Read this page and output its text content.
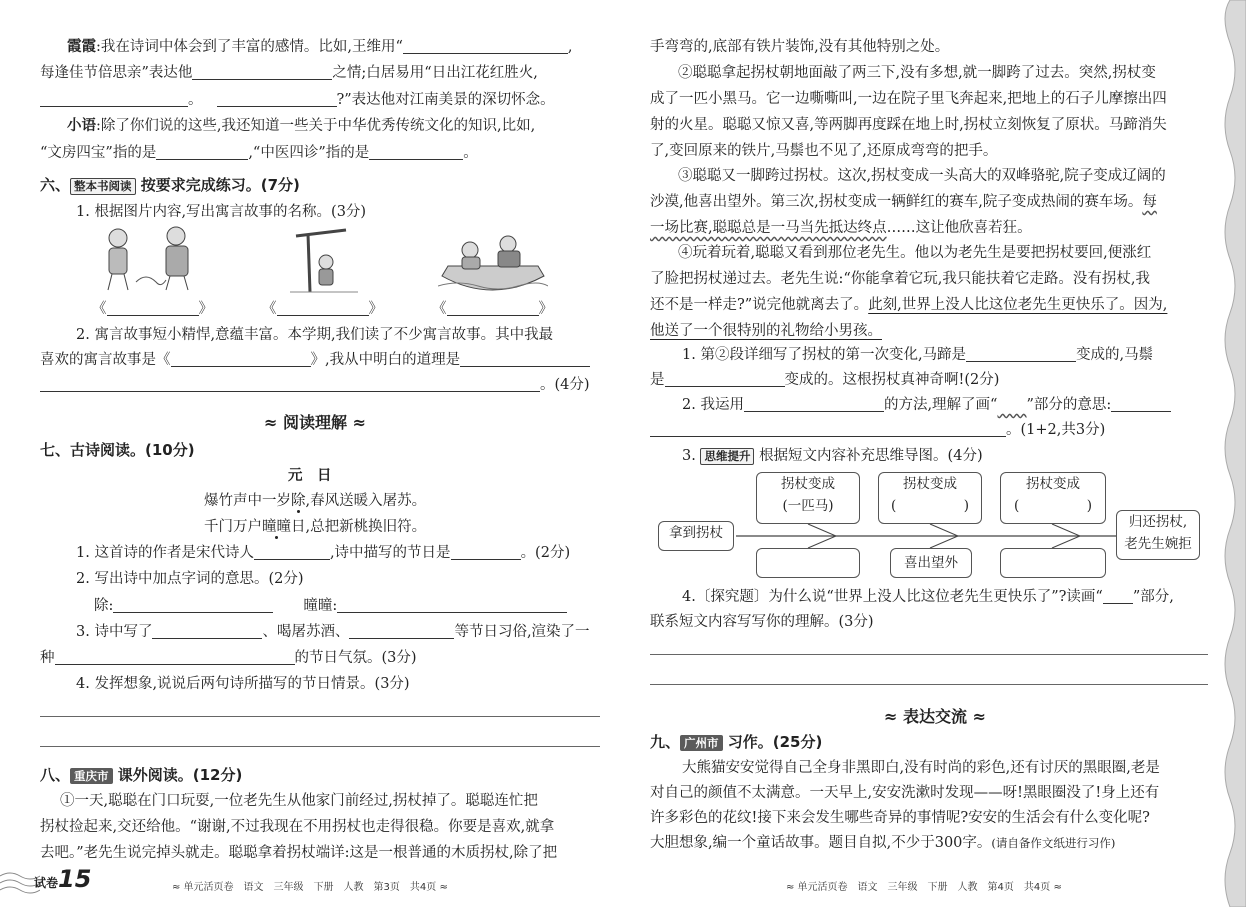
霞霞:我在诗词中体会到了丰富的感情。比如,王维用“	,
每逢佳节倍思亲”表达他	之情;白居易用“日出江花红胜火,
。	?”表达他对江南美景的深切怀念。
小语:除了你们说的这些,我还知道一些关于中华优秀传统文化的知识,比如,
“文房四宝”指的是	,“中医四诊”指的是	。
六、 整本书阅读 按要求完成练习。(7分)
1. 根据图片内容,写出寓言故事的名称。(3分)
《	》	《	》	《	》
2. 寓言故事短小精悍,意蕴丰富。本学期,我们读了不少寓言故事。其中我最
喜欢的寓言故事是《	》,我从中明白的道理是
。(4分)
≈ 阅读理解 ≈
七、古诗阅读。(10分)
元　日
爆竹声中一岁除,春风送暖入屠苏。
千门万户曈曈日,总把新桃换旧符。
1. 这首诗的作者是宋代诗人	,诗中描写的节日是	。(2分)
2. 写出诗中加点字词的意思。(2分)
除:	曈曈:
3. 诗中写了	、喝屠苏酒、	等节日习俗,渲染了一
种	的节日气氛。(3分)
4. 发挥想象,说说后两句诗所描写的节日情景。(3分)
八、 重庆市 课外阅读。(12分)
①一天,聪聪在门口玩耍,一位老先生从他家门前经过,拐杖掉了。聪聪连忙把
拐杖捡起来,交还给他。“谢谢,不过我现在不用拐杖也走得很稳。你要是喜欢,就拿
去吧。”老先生说完掉头就走。聪聪拿着拐杖端详:这是一根普通的木质拐杖,除了把
试卷15	≈ 单元活页卷　语文　三年级　下册　人教　第3页　共4页 ≈
手弯弯的,底部有铁片装饰,没有其他特别之处。
②聪聪拿起拐杖朝地面敲了两三下,没有多想,就一脚跨了过去。突然,拐杖变
成了一匹小黑马。它一边嘶嘶叫,一边在院子里飞奔起来,把地上的石子儿摩擦出四
射的火星。聪聪又惊又喜,等两脚再度踩在地上时,拐杖立刻恢复了原状。马蹄消失
了,变回原来的铁片,马鬃也不见了,还原成弯弯的把手。
③聪聪又一脚跨过拐杖。这次,拐杖变成一头高大的双峰骆驼,院子变成辽阔的
沙漠,他喜出望外。第三次,拐杖变成一辆鲜红的赛车,院子变成热闹的赛车场。每
一场比赛,聪聪总是一马当先抵达终点……这让他欣喜若狂。
④玩着玩着,聪聪又看到那位老先生。他以为老先生是要把拐杖要回,便涨红
了脸把拐杖递过去。老先生说:“你能拿着它玩,我只能扶着它走路。没有拐杖,我
还不是一样走?”说完他就离去了。此刻,世界上没人比这位老先生更快乐了。因为,
他送了一个很特别的礼物给小男孩。
1. 第②段详细写了拐杖的第一次变化,马蹄是	变成的,马鬃
是	变成的。这根拐杖真神奇啊!(2分)
2. 我运用	的方法,理解了画“　　 ”部分的意思:
。(1+2,共3分)
3. 思维提升 根据短文内容补充思维导图。(4分)
拿到拐杖
拐杖变成
(一匹马)
拐杖变成
(　　　　　)
拐杖变成
(　　　　　)
喜出望外
归还拐杖,
老先生婉拒
4.〔探究题〕为什么说“世界上没人比这位老先生更快乐了”?读画“ ”部分,
联系短文内容写写你的理解。(3分)
≈ 表达交流 ≈
九、 广州市 习作。(25分)
大熊猫安安觉得自己全身非黑即白,没有时尚的彩色,还有讨厌的黑眼圈,老是
对自己的颜值不太满意。一天早上,安安洗漱时发现——呀!黑眼圈没了!身上还有
许多彩色的花纹!接下来会发生哪些奇异的事情呢?安安的生活会有什么变化呢?
大胆想象,编一个童话故事。题目自拟,不少于300字。(请自备作文纸进行习作)
≈ 单元活页卷　语文　三年级　下册　人教　第4页　共4页 ≈
